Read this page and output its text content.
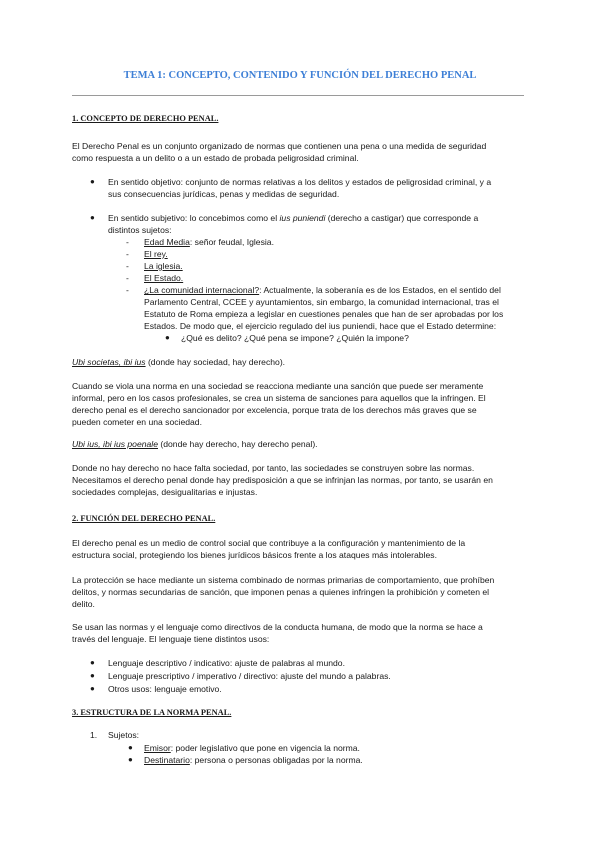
TEMA 1: CONCEPTO, CONTENIDO Y FUNCIÓN DEL DERECHO PENAL
1. CONCEPTO DE DERECHO PENAL.
El Derecho Penal es un conjunto organizado de normas que contienen una pena o una medida de seguridad
como respuesta a un delito o a un estado de probada peligrosidad criminal.
● En sentido objetivo: conjunto de normas relativas a los delitos y estados de peligrosidad criminal, y a
sus consecuencias jurídicas, penas y medidas de seguridad.
● En sentido subjetivo: lo concebimos como el ius puniendi (derecho a castigar) que corresponde a
distintos sujetos:
- Edad Media: señor feudal, Iglesia.
- El rey.
- La iglesia.
- El Estado.
- ¿La comunidad internacional?: Actualmente, la soberanía es de los Estados, en el sentido del
Parlamento Central, CCEE y ayuntamientos, sin embargo, la comunidad internacional, tras el
Estatuto de Roma empieza a legislar en cuestiones penales que han de ser aprobadas por los
Estados. De modo que, el ejercicio regulado del ius puniendi, hace que el Estado determine:
● ¿Qué es delito? ¿Qué pena se impone? ¿Quién la impone?
Ubi societas, ibi ius (donde hay sociedad, hay derecho).
Cuando se viola una norma en una sociedad se reacciona mediante una sanción que puede ser meramente
informal, pero en los casos profesionales, se crea un sistema de sanciones para aquellos que la infringen. El
derecho penal es el derecho sancionador por excelencia, porque trata de los derechos más graves que se
pueden cometer en una sociedad.
Ubi ius, ibi ius poenale (donde hay derecho, hay derecho penal).
Donde no hay derecho no hace falta sociedad, por tanto, las sociedades se construyen sobre las normas.
Necesitamos el derecho penal donde hay predisposición a que se infrinjan las normas, por tanto, se usarán en
sociedades complejas, desigualitarias e injustas.
2. FUNCIÓN DEL DERECHO PENAL.
El derecho penal es un medio de control social que contribuye a la configuración y mantenimiento de la
estructura social, protegiendo los bienes jurídicos básicos frente a los ataques más intolerables.
La protección se hace mediante un sistema combinado de normas primarias de comportamiento, que prohíben
delitos, y normas secundarias de sanción, que imponen penas a quienes infringen la prohibición y cometen el
delito.
Se usan las normas y el lenguaje como directivos de la conducta humana, de modo que la norma se hace a
través del lenguaje. El lenguaje tiene distintos usos:
● Lenguaje descriptivo / indicativo: ajuste de palabras al mundo.
● Lenguaje prescriptivo / imperativo / directivo: ajuste del mundo a palabras.
● Otros usos: lenguaje emotivo.
3. ESTRUCTURA DE LA NORMA PENAL.
1. Sujetos:
● Emisor: poder legislativo que pone en vigencia la norma.
● Destinatario: persona o personas obligadas por la norma.
